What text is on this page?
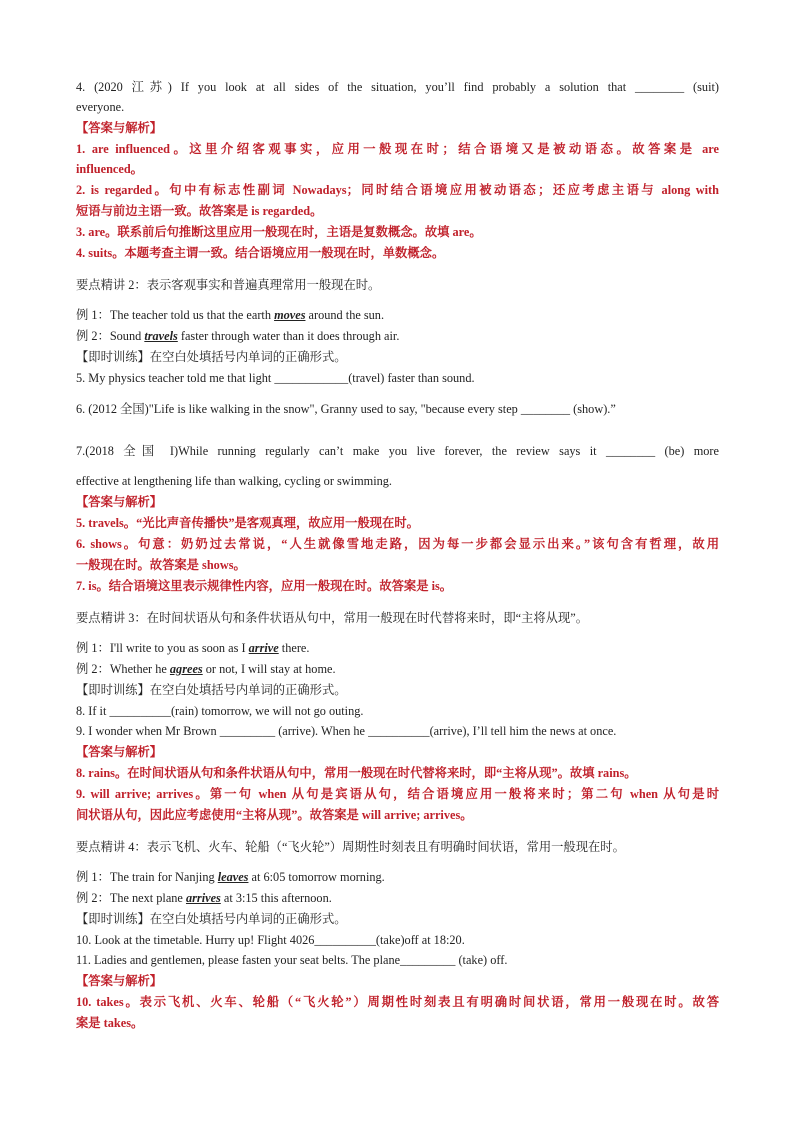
4. (2020 江苏) If you look at all sides of the situation, you’ll find probably a solution that ________ (suit)
everyone.
【答案与解析】
1. are influenced。这里介绍客观事实，应用一般现在时；结合语境又是被动语态。故答案是 are
influenced。
2. is regarded。句中有标志性副词 Nowadays；同时结合语境应用被动语态；还应考虑主语与 along with
短语与前边主语一致。故答案是 is regarded。
3. are。联系前后句推断这里应用一般现在时，主语是复数概念。故填 are。
4. suits。本题考查主谓一致。结合语境应用一般现在时，单数概念。
要点精讲 2：表示客观事实和普遍真理常用一般现在时。
例 1：The teacher told us that the earth moves around the sun.
例 2：Sound travels faster through water than it does through air.
【即时训练】在空白处填括号内单词的正确形式。
5. My physics teacher told me that light ____________(travel) faster than sound.
6. (2012 全国)"Life is like walking in the snow", Granny used to say, "because every step ________ (show).”
7.(2018 全国 I)While running regularly can’t make you live forever, the review says it ________ (be) more
effective at lengthening life than walking, cycling or swimming.
【答案与解析】
5. travels。“光比声音传播快”是客观真理，故应用一般现在时。
6. shows。句意：奶奶过去常说，“人生就像雪地走路，因为每一步都会显示出来。”该句含有哲理，故用
一般现在时。故答案是 shows。
7. is。结合语境这里表示规律性内容，应用一般现在时。故答案是 is。
要点精讲 3：在时间状语从句和条件状语从句中，常用一般现在时代替将来时，即“主将从现”。
例 1：I'll write to you as soon as I arrive there.
例 2：Whether he agrees or not, I will stay at home.
【即时训练】在空白处填括号内单词的正确形式。
8. If it __________(rain) tomorrow, we will not go outing.
9. I wonder when Mr Brown _________ (arrive). When he __________(arrive), I’ll tell him the news at once.
【答案与解析】
8. rains。在时间状语从句和条件状语从句中，常用一般现在时代替将来时，即“主将从现”。故填 rains。
9. will arrive; arrives。第一句 when 从句是宾语从句，结合语境应用一般将来时；第二句 when 从句是时
间状语从句，因此应考虑使用“主将从现”。故答案是 will arrive; arrives。
要点精讲 4：表示飞机、火车、轮船（“飞火轮”）周期性时刻表且有明确时间状语，常用一般现在时。
例 1：The train for Nanjing leaves at 6:05 tomorrow morning.
例 2：The next plane arrives at 3:15 this afternoon.
【即时训练】在空白处填括号内单词的正确形式。
10. Look at the timetable. Hurry up! Flight 4026__________(take)off at 18:20.
11. Ladies and gentlemen, please fasten your seat belts. The plane_________ (take) off.
【答案与解析】
10. takes。表示飞机、火车、轮船（“飞火轮”）周期性时刻表且有明确时间状语，常用一般现在时。故答
案是 takes。
